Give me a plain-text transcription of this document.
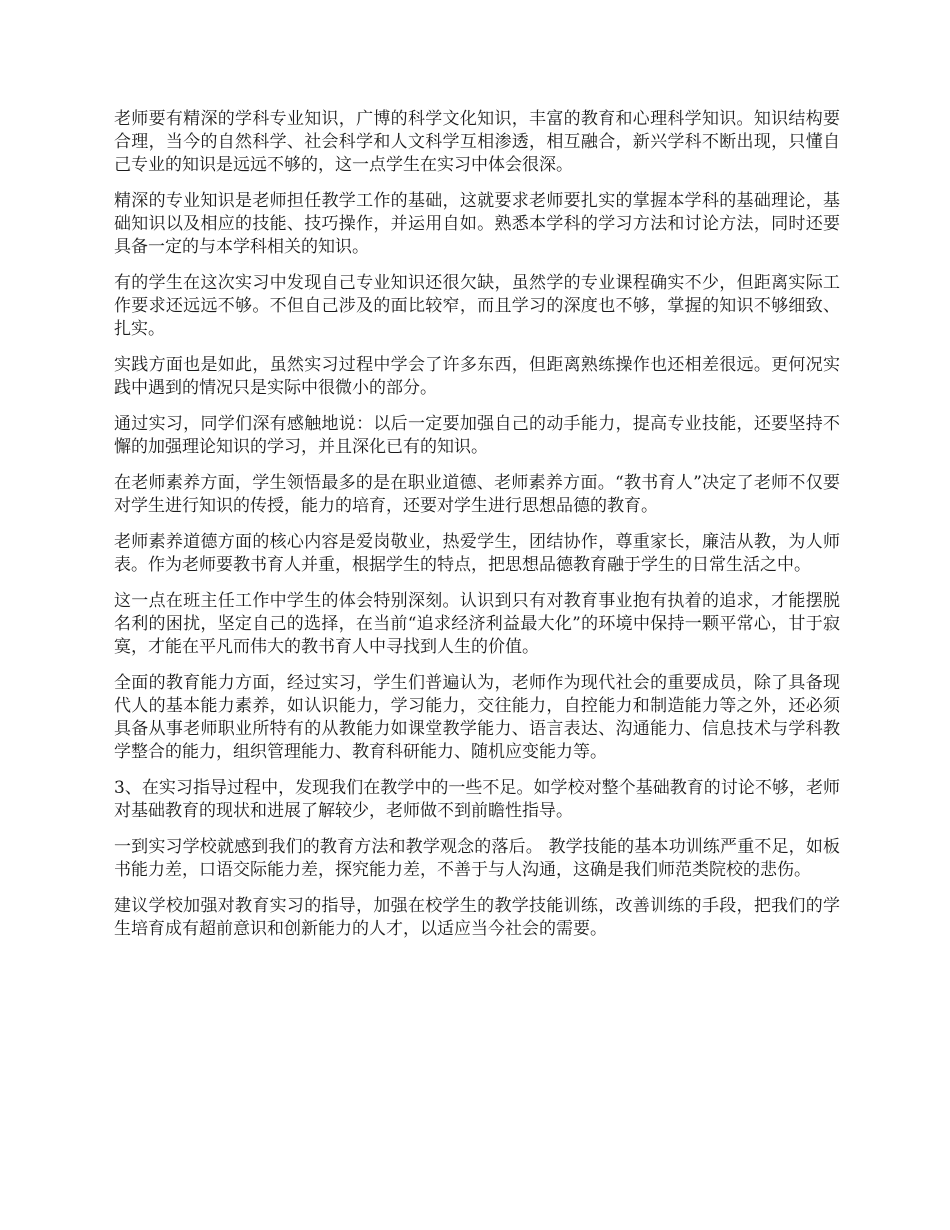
老师要有精深的学科专业知识，广博的科学文化知识，丰富的教育和心理科学知识。知识结构要合理，当今的自然科学、社会科学和人文科学互相渗透，相互融合，新兴学科不断出现，只懂自己专业的知识是远远不够的，这一点学生在实习中体会很深。

精深的专业知识是老师担任教学工作的基础，这就要求老师要扎实的掌握本学科的基础理论，基础知识以及相应的技能、技巧操作，并运用自如。熟悉本学科的学习方法和讨论方法，同时还要具备一定的与本学科相关的知识。

有的学生在这次实习中发现自己专业知识还很欠缺，虽然学的专业课程确实不少，但距离实际工作要求还远远不够。不但自己涉及的面比较窄，而且学习的深度也不够，掌握的知识不够细致、扎实。

实践方面也是如此，虽然实习过程中学会了许多东西，但距离熟练操作也还相差很远。更何况实践中遇到的情况只是实际中很微小的部分。

通过实习，同学们深有感触地说：以后一定要加强自己的动手能力，提高专业技能，还要坚持不懈的加强理论知识的学习，并且深化已有的知识。

在老师素养方面，学生领悟最多的是在职业道德、老师素养方面。“教书育人”决定了老师不仅要对学生进行知识的传授，能力的培育，还要对学生进行思想品德的教育。

老师素养道德方面的核心内容是爱岗敬业，热爱学生，团结协作，尊重家长，廉洁从教，为人师表。作为老师要教书育人并重，根据学生的特点，把思想品德教育融于学生的日常生活之中。

这一点在班主任工作中学生的体会特别深刻。认识到只有对教育事业抱有执着的追求，才能摆脱名利的困扰，坚定自己的选择，在当前“追求经济利益最大化”的环境中保持一颗平常心，甘于寂寞，才能在平凡而伟大的教书育人中寻找到人生的价值。

全面的教育能力方面，经过实习，学生们普遍认为，老师作为现代社会的重要成员，除了具备现代人的基本能力素养，如认识能力，学习能力，交往能力，自控能力和制造能力等之外，还必须具备从事老师职业所特有的从教能力如课堂教学能力、语言表达、沟通能力、信息技术与学科教学整合的能力，组织管理能力、教育科研能力、随机应变能力等。

3、在实习指导过程中，发现我们在教学中的一些不足。如学校对整个基础教育的讨论不够，老师对基础教育的现状和进展了解较少，老师做不到前瞻性指导。

一到实习学校就感到我们的教育方法和教学观念的落后。 教学技能的基本功训练严重不足，如板书能力差，口语交际能力差，探究能力差，不善于与人沟通，这确是我们师范类院校的悲伤。

建议学校加强对教育实习的指导，加强在校学生的教学技能训练，改善训练的手段，把我们的学生培育成有超前意识和创新能力的人才，以适应当今社会的需要。
